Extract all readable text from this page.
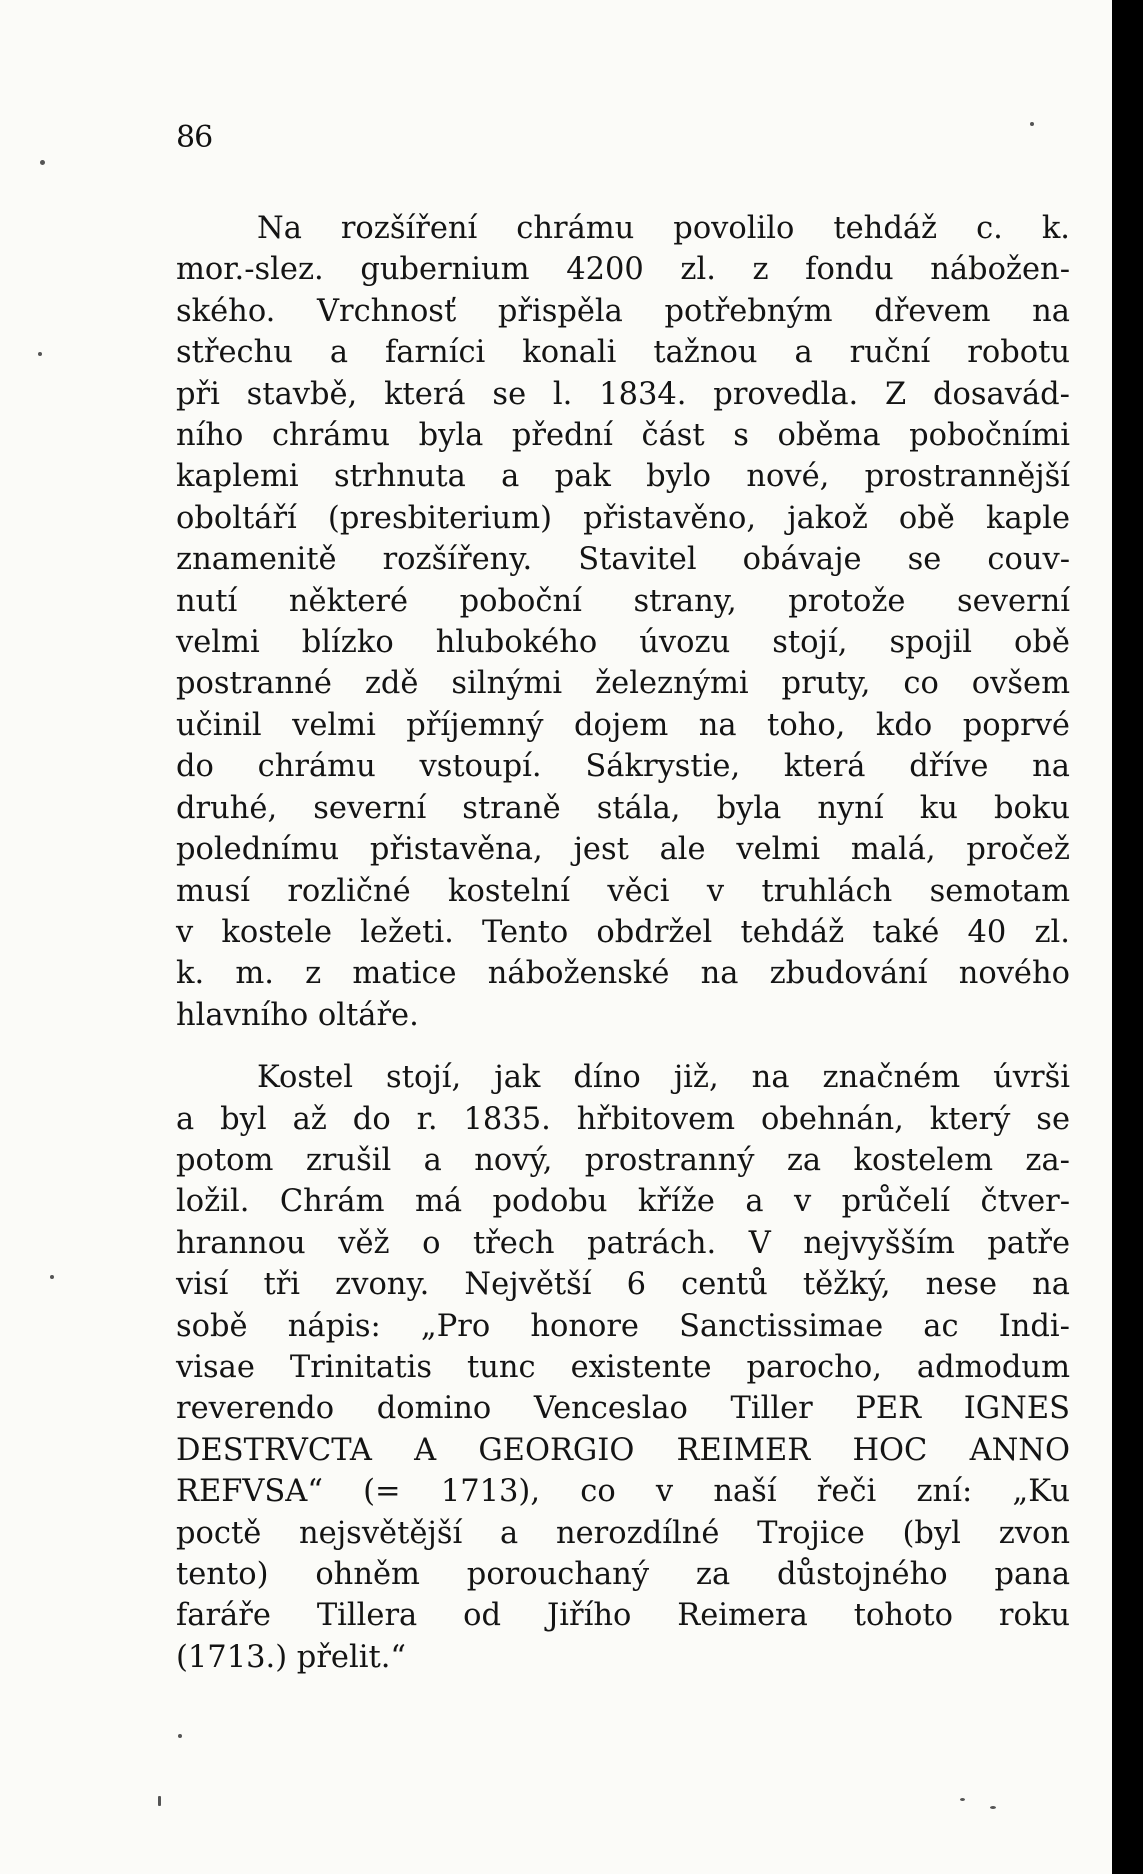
86
Na rozšíření chrámu povolilo tehdáž c. k.
mor.-slez. gubernium 4200 zl. z fondu nábožen-
ského. Vrchnosť přispěla potřebným dřevem na
střechu a farníci konali tažnou a ruční robotu
při stavbě, která se l. 1834. provedla. Z dosavád-
ního chrámu byla přední část s oběma pobočními
kaplemi strhnuta a pak bylo nové, prostrannější
oboltáří (presbiterium) přistavěno, jakož obě kaple
znamenitě rozšířeny. Stavitel obávaje se couv-
nutí některé poboční strany, protože severní
velmi blízko hlubokého úvozu stojí, spojil obě
postranné zdě silnými železnými pruty, co ovšem
učinil velmi příjemný dojem na toho, kdo poprvé
do chrámu vstoupí. Sákrystie, která dříve na
druhé, severní straně stála, byla nyní ku boku
polednímu přistavěna, jest ale velmi malá, pročež
musí rozličné kostelní věci v truhlách semotam
v kostele ležeti. Tento obdržel tehdáž také 40 zl.
k. m. z matice náboženské na zbudování nového
hlavního oltáře.
Kostel stojí, jak díno již, na značném úvrši
a byl až do r. 1835. hřbitovem obehnán, který se
potom zrušil a nový, prostranný za kostelem za-
ložil. Chrám má podobu kříže a v průčelí čtver-
hrannou věž o třech patrách. V nejvyšším patře
visí tři zvony. Největší 6 centů těžký, nese na
sobě nápis: „Pro honore Sanctissimae ac Indi-
visae Trinitatis tunc existente parocho, admodum
reverendo domino Venceslao Tiller PER IGNES
DESTRVCTA A GEORGIO REIMER HOC ANNO
REFVSA“ (= 1713), co v naší řeči zní: „Ku
poctě nejsvětější a nerozdílné Trojice (byl zvon
tento) ohněm porouchaný za důstojného pana
faráře Tillera od Jiřího Reimera tohoto roku
(1713.) přelit.“
